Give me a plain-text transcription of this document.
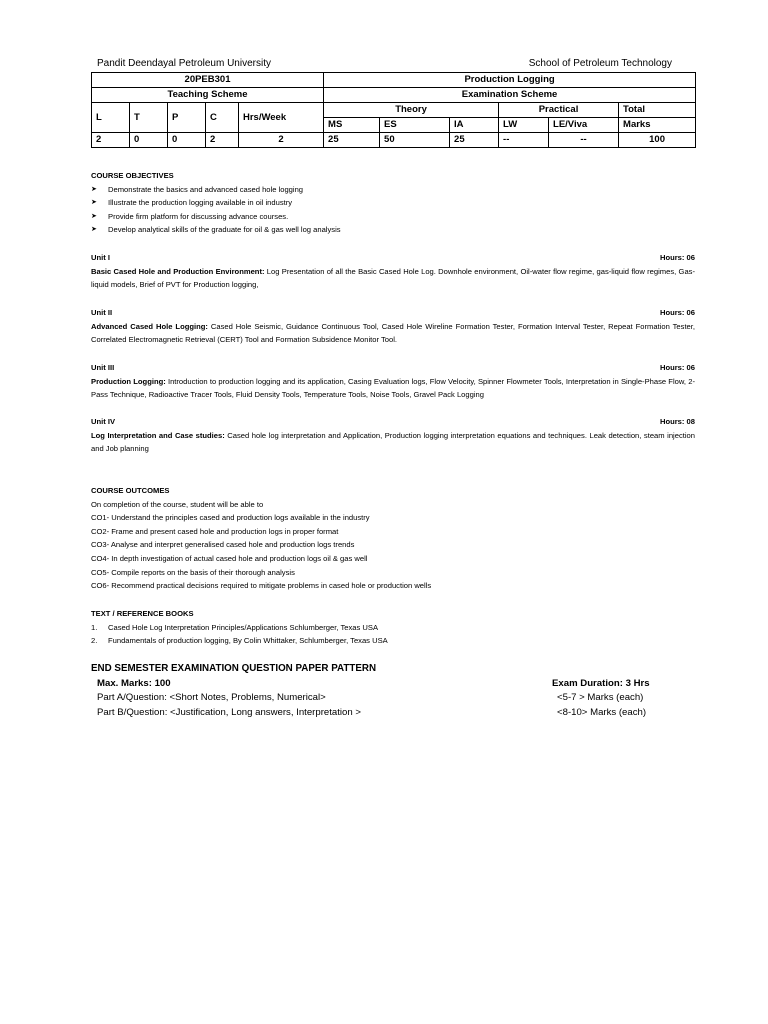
Pandit Deendayal Petroleum University	School of Petroleum Technology
20PEB301					Production Logging					
Teaching Scheme					Examination Scheme					
L	T	P	C	Hrs/Week	Theory			Practical		Total
					MS	ES	IA	LW	LE/Viva	Marks
2	0	0	2	2	25	50	25	--	--	100
COURSE OBJECTIVES
➤ Demonstrate the basics and advanced cased hole logging
➤ Illustrate the production logging available in oil industry
➤ Provide firm platform for discussing advance courses.
➤ Develop analytical skills of the graduate for oil & gas well log analysis
Unit I	Hours: 06
Basic Cased Hole and Production Environment: Log Presentation of all the Basic Cased Hole Log. Downhole environment, Oil-water flow regime, gas-liquid flow regimes, Gas-liquid models, Brief of PVT for Production logging,
Unit II	Hours: 06
Advanced Cased Hole Logging: Cased Hole Seismic, Guidance Continuous Tool, Cased Hole Wireline Formation Tester, Formation Interval Tester, Repeat Formation Tester, Correlated Electromagnetic Retrieval (CERT) Tool and Formation Subsidence Monitor Tool.
Unit III	Hours: 06
Production Logging: Introduction to production logging and its application, Casing Evaluation logs, Flow Velocity, Spinner Flowmeter Tools, Interpretation in Single-Phase Flow, 2-Pass Technique, Radioactive Tracer Tools, Fluid Density Tools, Temperature Tools, Noise Tools, Gravel Pack Logging
Unit IV	Hours: 08
Log Interpretation and Case studies: Cased hole log interpretation and Application, Production logging interpretation equations and techniques. Leak detection, steam injection and Job planning
COURSE OUTCOMES
On completion of the course, student will be able to
CO1- Understand the principles cased and production logs available in the industry
CO2- Frame and present cased hole and production logs in proper format
CO3- Analyse and interpret generalised cased hole and production logs trends
CO4- In depth investigation of actual cased hole and production logs oil & gas well
CO5- Compile reports on the basis of their thorough analysis
CO6- Recommend practical decisions required to mitigate problems in cased hole or production wells
TEXT / REFERENCE BOOKS
1. Cased Hole Log Interpretation Principles/Applications Schlumberger, Texas USA
2. Fundamentals of production logging, By Colin Whittaker, Schlumberger, Texas USA
END SEMESTER EXAMINATION QUESTION PAPER PATTERN
Max. Marks: 100	Exam Duration: 3 Hrs
Part A/Question: <Short Notes, Problems, Numerical>	<5-7 > Marks (each)
Part B/Question: <Justification, Long answers, Interpretation >	<8-10> Marks (each)
